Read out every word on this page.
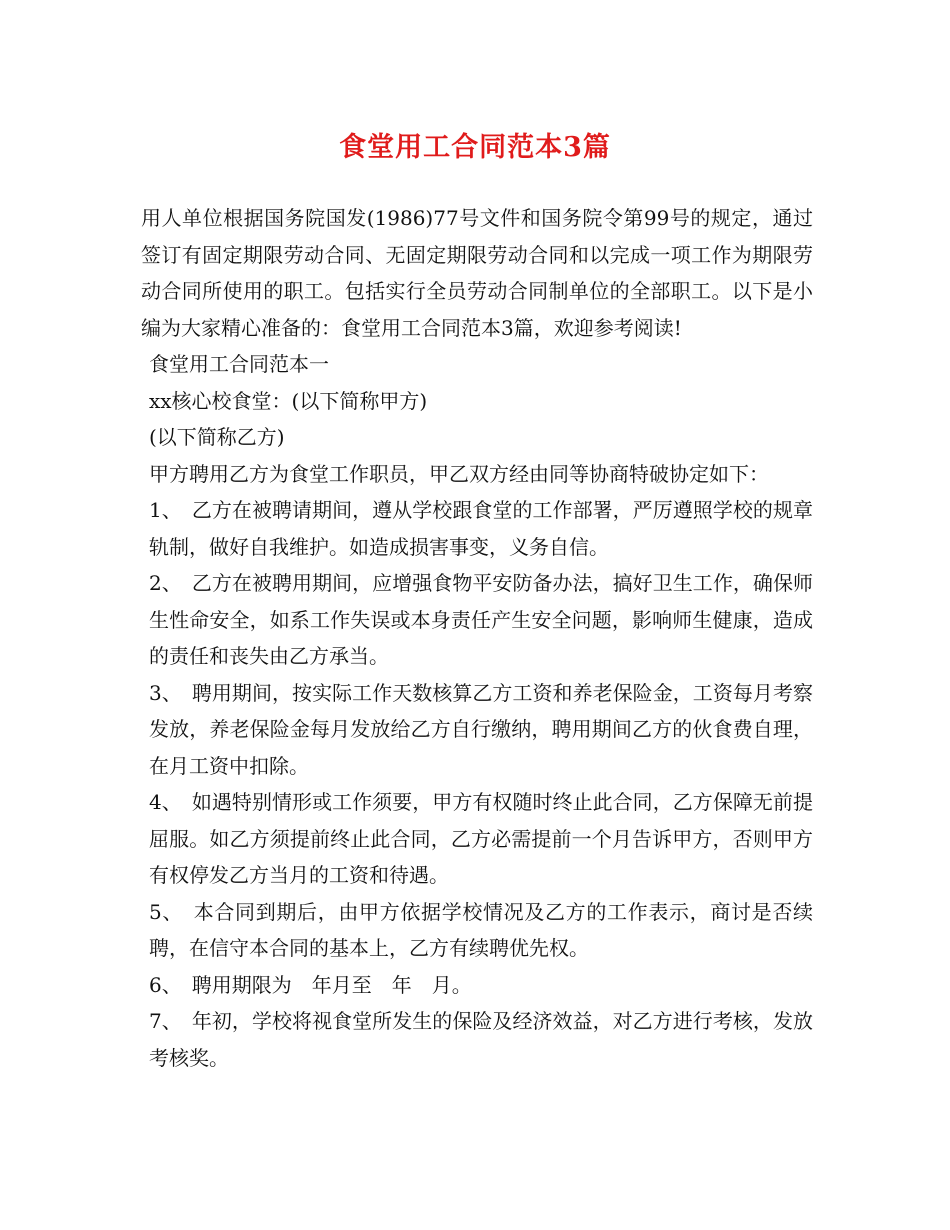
食堂用工合同范本3篇

用人单位根据国务院国发(1986)77号文件和国务院令第99号的规定，通过签订有固定期限劳动合同、无固定期限劳动合同和以完成一项工作为期限劳动合同所使用的职工。包括实行全员劳动合同制单位的全部职工。以下是小编为大家精心准备的：食堂用工合同范本3篇，欢迎参考阅读!

食堂用工合同范本一

xx核心校食堂：(以下简称甲方)

(以下简称乙方)

甲方聘用乙方为食堂工作职员，甲乙双方经由同等协商特破协定如下：

1、　乙方在被聘请期间，遵从学校跟食堂的工作部署，严厉遵照学校的规章轨制，做好自我维护。如造成损害事变，义务自信。

2、　乙方在被聘用期间，应增强食物平安防备办法，搞好卫生工作，确保师生性命安全，如系工作失误或本身责任产生安全问题，影响师生健康，造成的责任和丧失由乙方承当。

3、　聘用期间，按实际工作天数核算乙方工资和养老保险金，工资每月考察发放，养老保险金每月发放给乙方自行缴纳，聘用期间乙方的伙食费自理，在月工资中扣除。

4、　如遇特别情形或工作须要，甲方有权随时终止此合同，乙方保障无前提屈服。如乙方须提前终止此合同，乙方必需提前一个月告诉甲方，否则甲方有权停发乙方当月的工资和待遇。

5、　本合同到期后，由甲方依据学校情况及乙方的工作表示，商讨是否续聘，在信守本合同的基本上，乙方有续聘优先权。

6、　聘用期限为　年月至　年　月。

7、　年初，学校将视食堂所发生的保险及经济效益，对乙方进行考核，发放考核奖。
